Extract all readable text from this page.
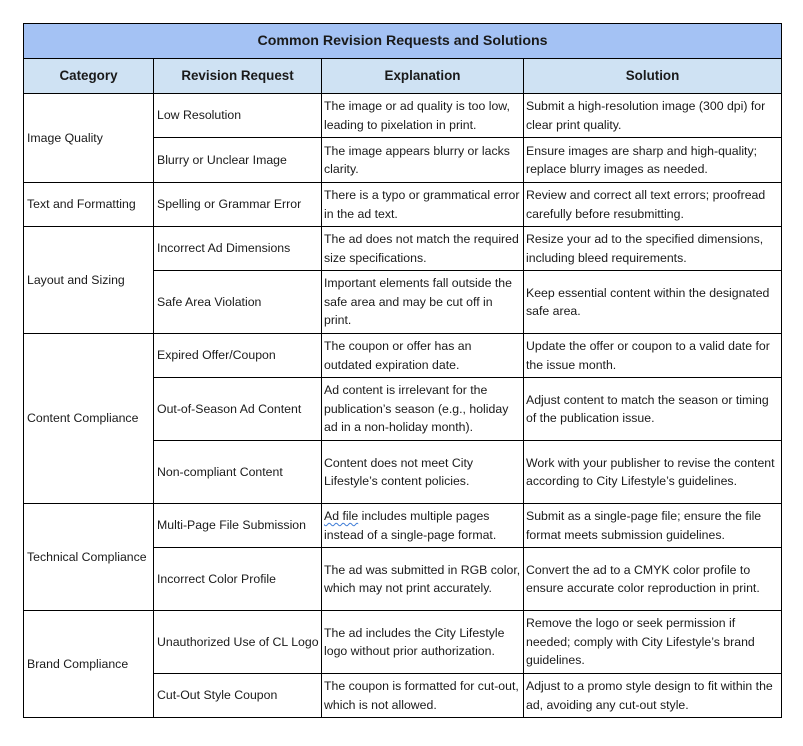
Common Revision Requests and Solutions			
Category	Revision Request	Explanation	Solution
Image Quality	Low Resolution	The image or ad quality is too low, leading to pixelation in print.	Submit a high-resolution image (300 dpi) for clear print quality.
	Blurry or Unclear Image	The image appears blurry or lacks clarity.	Ensure images are sharp and high-quality; replace blurry images as needed.
Text and Formatting	Spelling or Grammar Error	There is a typo or grammatical error in the ad text.	Review and correct all text errors; proofread carefully before resubmitting.
Layout and Sizing	Incorrect Ad Dimensions	The ad does not match the required size specifications.	Resize your ad to the specified dimensions, including bleed requirements.
	Safe Area Violation	Important elements fall outside the safe area and may be cut off in print.	Keep essential content within the designated safe area.
Content Compliance	Expired Offer/Coupon	The coupon or offer has an outdated expiration date.	Update the offer or coupon to a valid date for the issue month.
	Out-of-Season Ad Content	Ad content is irrelevant for the publication’s season (e.g., holiday ad in a non-holiday month).	Adjust content to match the season or timing of the publication issue.
	Non-compliant Content	Content does not meet City Lifestyle’s content policies.	Work with your publisher to revise the content according to City Lifestyle’s guidelines.
Technical Compliance	Multi-Page File Submission	Ad file includes multiple pages instead of a single-page format.	Submit as a single-page file; ensure the file format meets submission guidelines.
	Incorrect Color Profile	The ad was submitted in RGB color, which may not print accurately.	Convert the ad to a CMYK color profile to ensure accurate color reproduction in print.
Brand Compliance	Unauthorized Use of CL Logo	The ad includes the City Lifestyle logo without prior authorization.	Remove the logo or seek permission if needed; comply with City Lifestyle’s brand guidelines.
	Cut-Out Style Coupon	The coupon is formatted for cut-out, which is not allowed.	Adjust to a promo style design to fit within the ad, avoiding any cut-out style.
